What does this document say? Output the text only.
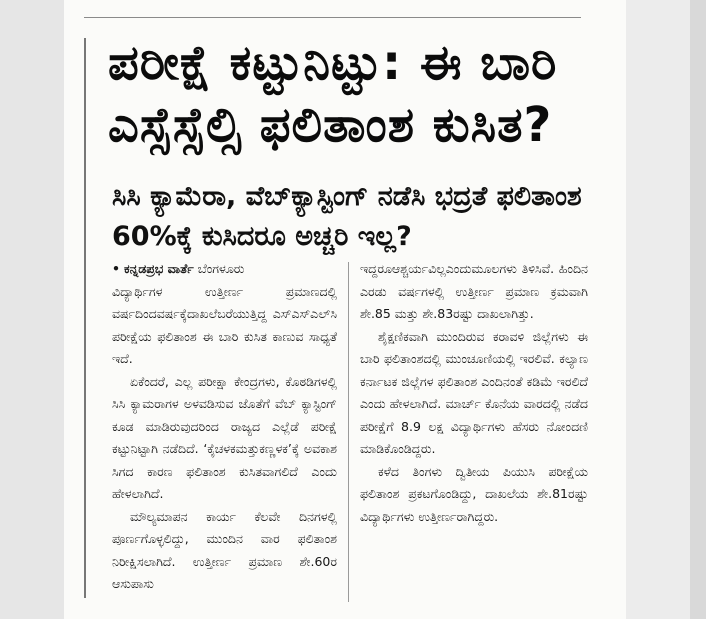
ಪರೀಕ್ಷೆ ಕಟ್ಟುನಿಟ್ಟು: ಈ ಬಾರಿ ಎಸ್ಸೆಸ್ಸೆಲ್ಸಿ ಫಲಿತಾಂಶ ಕುಸಿತ?
ಸಿಸಿ ಕ್ಯಾಮೆರಾ, ವೆಬ್‌ಕ್ಯಾಸ್ಟಿಂಗ್ ನಡೆಸಿ ಭದ್ರತೆ ಫಲಿತಾಂಶ 60%ಕ್ಕೆ ಕುಸಿದರೂ ಅಚ್ಚರಿ ಇಲ್ಲ?

• ಕನ್ನಡಪ್ರಭ ವಾರ್ತೆ ಬೆಂಗಳೂರು

ವಿದ್ಯಾರ್ಥಿಗಳ ಉತ್ತೀರ್ಣ ಪ್ರಮಾಣದಲ್ಲಿ ವರ್ಷದಿಂದವರ್ಷಕ್ಕೆದಾಖಲೆಬರೆಯುತ್ತಿದ್ದ ಎಸ್‌ಎಸ್‌ಎಲ್‌ಸಿ ಪರೀಕ್ಷೆಯ ಫಲಿತಾಂಶ ಈ ಬಾರಿ ಕುಸಿತ ಕಾಣುವ ಸಾಧ್ಯತೆ ಇದೆ.

ಏಕೆಂದರೆ, ಎಲ್ಲ ಪರೀಕ್ಷಾ ಕೇಂದ್ರಗಳು, ಕೊಠಡಿಗಳಲ್ಲಿ ಸಿಸಿ ಕ್ಯಾಮರಾಗಳ ಅಳವಡಿಸುವ ಜೊತೆಗೆ ವೆಬ್‌ ಕ್ಯಾಸ್ಟಿಂಗ್ ಕೂಡ ಮಾಡಿರುವುದರಿಂದ ರಾಜ್ಯದ ಎಲ್ಲೆಡೆ ಪರೀಕ್ಷೆ ಕಟ್ಟುನಿಟ್ಟಾಗಿ ನಡೆದಿದೆ. ‘ಕೈಚಳಕಮತ್ತುಕಣ್ಣಳಕ’ಕ್ಕೆ ಅವಕಾಶ ಸಿಗದ ಕಾರಣ ಫಲಿತಾಂಶ ಕುಸಿತವಾಗಲಿದೆ ಎಂದು ಹೇಳಲಾಗಿದೆ.

ಮೌಲ್ಯಮಾಪನ ಕಾರ್ಯ ಕೆಲವೇ ದಿನಗಳಲ್ಲಿ ಪೂರ್ಣಗೊಳ್ಳಲಿದ್ದು, ಮುಂದಿನ ವಾರ ಫಲಿತಾಂಶ ನಿರೀಕ್ಷಿಸಲಾಗಿದೆ. ಉತ್ತೀರ್ಣ ಪ್ರಮಾಣ ಶೇ.60ರ ಆಸುಪಾಸು

ಇದ್ದರೂಆಶ್ಚರ್ಯವಿಲ್ಲಎಂದುಮೂಲಗಳು ತಿಳಿಸಿವೆ. ಹಿಂದಿನ ಎರಡು ವರ್ಷಗಳಲ್ಲಿ ಉತ್ತೀರ್ಣ ಪ್ರಮಾಣ ಕ್ರಮವಾಗಿ ಶೇ.85 ಮತ್ತು ಶೇ.83ರಷ್ಟು ದಾಖಲಾಗಿತ್ತು.

ಶೈಕ್ಷಣಿಕವಾಗಿ ಮುಂದಿರುವ ಕರಾವಳಿ ಜಿಲ್ಲೆಗಳು ಈ ಬಾರಿ ಫಲಿತಾಂಶದಲ್ಲಿ ಮುಂಚೂಣಿಯಲ್ಲಿ ಇರಲಿವೆ. ಕಲ್ಯಾಣ ಕರ್ನಾಟಕ ಜಿಲ್ಲೆಗಳ ಫಲಿತಾಂಶ ಎಂದಿನಂತೆ ಕಡಿಮೆ ಇರಲಿದೆ ಎಂದು ಹೇಳಲಾಗಿದೆ. ಮಾರ್ಚ್ ಕೊನೆಯ ವಾರದಲ್ಲಿ ನಡೆದ ಪರೀಕ್ಷೆಗೆ 8.9 ಲಕ್ಷ ವಿದ್ಯಾರ್ಥಿಗಳು ಹೆಸರು ನೋಂದಣಿ ಮಾಡಿಕೊಂಡಿದ್ದರು.

ಕಳೆದ ತಿಂಗಳು ದ್ವಿತೀಯ ಪಿಯುಸಿ ಪರೀಕ್ಷೆಯ ಫಲಿತಾಂಶ ಪ್ರಕಟಗೊಂಡಿದ್ದು, ದಾಖಲೆಯ ಶೇ.81ರಷ್ಟು ವಿದ್ಯಾರ್ಥಿಗಳು ಉತ್ತೀರ್ಣರಾಗಿದ್ದರು.
